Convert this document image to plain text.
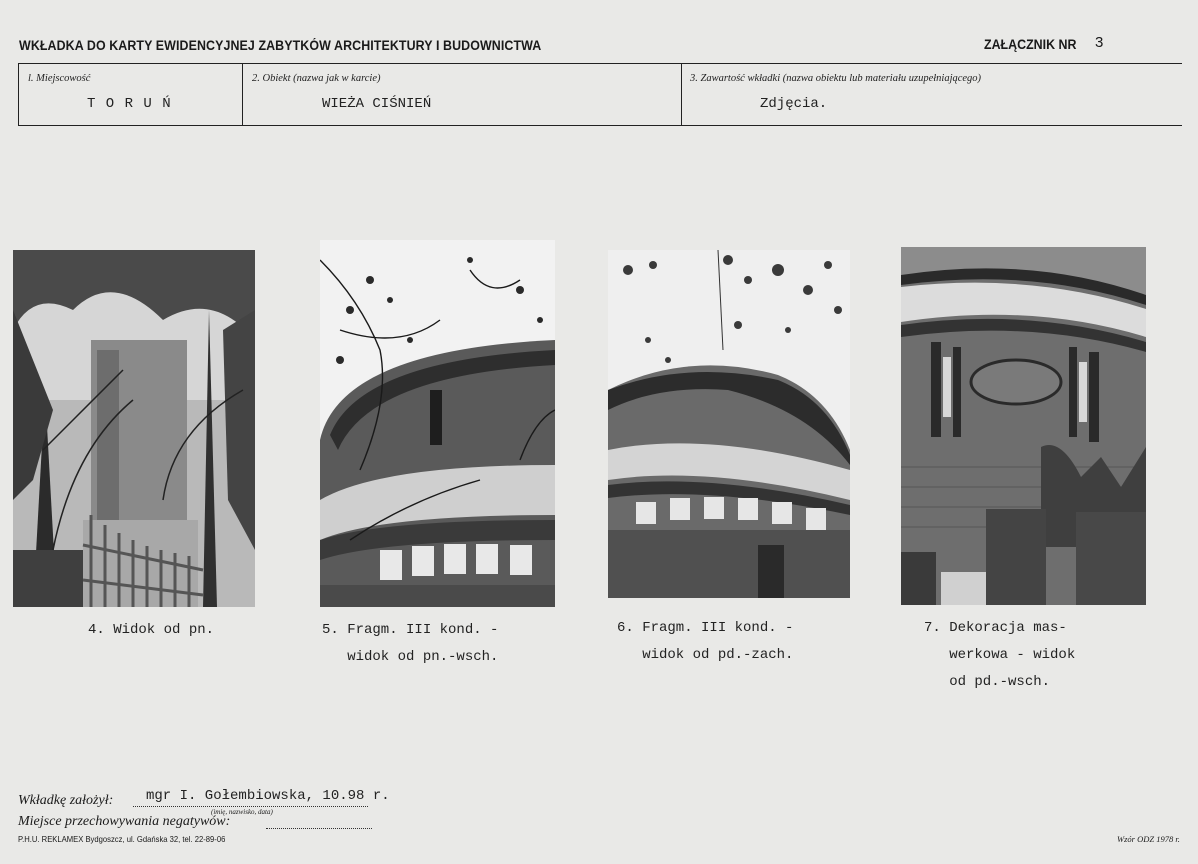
WKŁADKA DO KARTY EWIDENCYJNEJ ZABYTKÓW ARCHITEKTURY I BUDOWNICTWA	ZAŁĄCZNIK NR 3
l. Miejscowość
T O R U Ń
2. Obiekt (nazwa jak w karcie)
WIEŻA CIŚNIEŃ
3. Zawartość wkładki (nazwa obiektu lub materiału uzupełniającego)
Zdjęcia.
4. Widok od pn.	5. Fragm. III kond. -
widok od pn.-wsch.
6. Fragm. III kond. -
widok od pd.-zach.
7. Dekoracja mas-
werkowa - widok
od pd.-wsch.
Wkładkę założył: mgr I. Gołembiowska, 10.98 r.
(imię, nazwisko, data)
Miejsce przechowywania negatywów:
P.H.U. REKLAMEX Bydgoszcz, ul. Gdańska 32, tel. 22-89-06	Wzór ODZ 1978 r.
